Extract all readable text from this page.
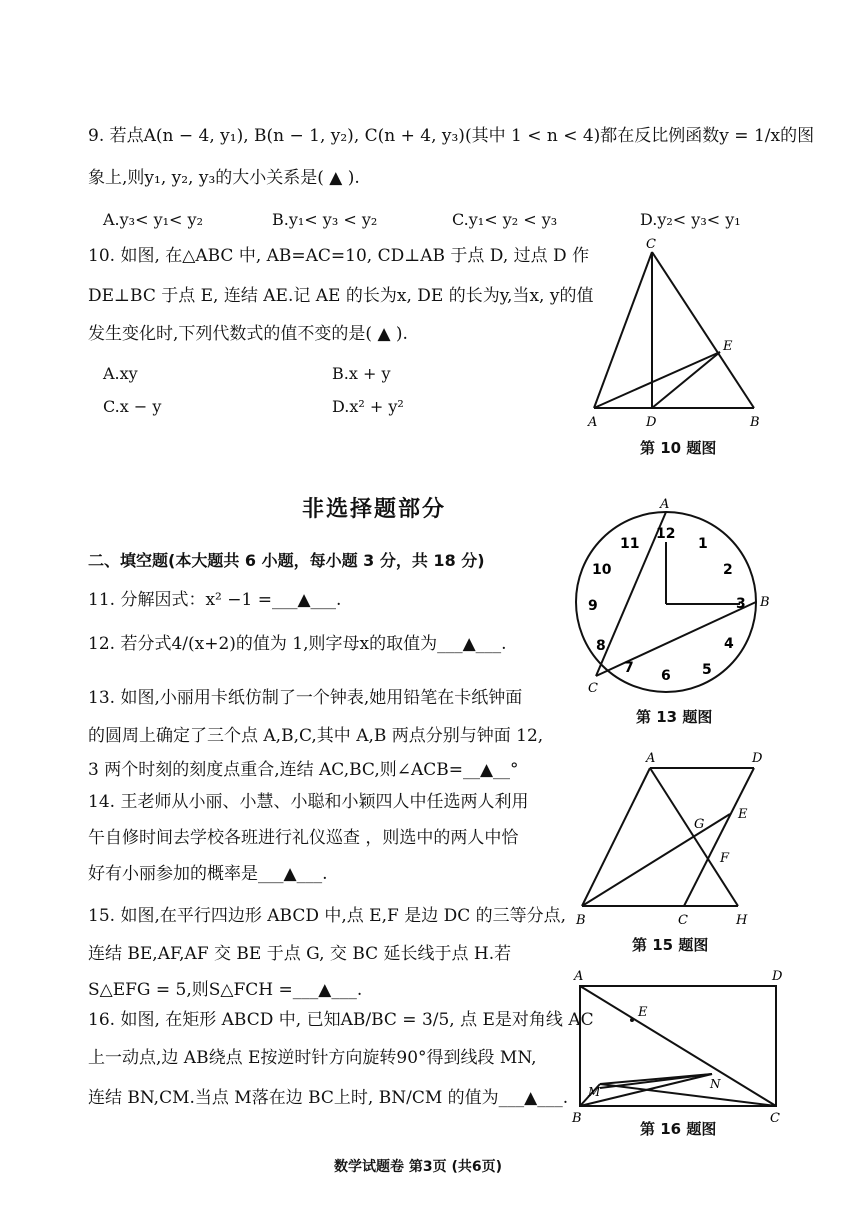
9. 若点A(n − 4, y₁), B(n − 1, y₂), C(n + 4, y₃)(其中 1 < n < 4)都在反比例函数y = 1/x的图
象上,则y₁, y₂, y₃的大小关系是( ▲ ).
A.y₃< y₁< y₂	B.y₁< y₃ < y₂	C.y₁< y₂ < y₃	D.y₂< y₃< y₁
10. 如图, 在△ABC 中, AB=AC=10, CD⊥AB 于点 D, 过点 D 作
DE⊥BC 于点 E, 连结 AE.记 AE 的长为x, DE 的长为y,当x, y的值
发生变化时,下列代数式的值不变的是( ▲ ).
A.xy	B.x + y
C.x − y	D.x² + y²
C
E
A	D	B
第 10 题图
非选择题部分
二、填空题(本大题共 6 小题，每小题 3 分，共 18 分)
11. 分解因式：x² −1 =___▲___.
12. 若分式4/(x+2)的值为 1,则字母x的取值为___▲___.
13. 如图,小丽用卡纸仿制了一个钟表,她用铅笔在卡纸钟面
的圆周上确定了三个点 A,B,C,其中 A,B 两点分别与钟面 12,
3 两个时刻的刻度点重合,连结 AC,BC,则∠ACB=__▲__°
A
B
C
12
1
2
3
4
5
6
7
8
9
10
11
第 13 题图
14. 王老师从小丽、小慧、小聪和小颖四人中任选两人利用
午自修时间去学校各班进行礼仪巡查 ，则选中的两人中恰
好有小丽参加的概率是___▲___.
A	D
G
E
F
B	C	H
第 15 题图
15. 如图,在平行四边形 ABCD 中,点 E,F 是边 DC 的三等分点,
连结 BE,AF,AF 交 BE 于点 G, 交 BC 延长线于点 H.若
S△EFG = 5,则S△FCH =___▲___.
16. 如图, 在矩形 ABCD 中, 已知AB/BC = 3/5, 点 E是对角线 AC
上一动点,边 AB绕点 E按逆时针方向旋转90°得到线段 MN,
连结 BN,CM.当点 M落在边 BC上时, BN/CM 的值为___▲___.
A	D
E
M
N
B	C
第 16 题图
数学试题卷 第3页 (共6页)
